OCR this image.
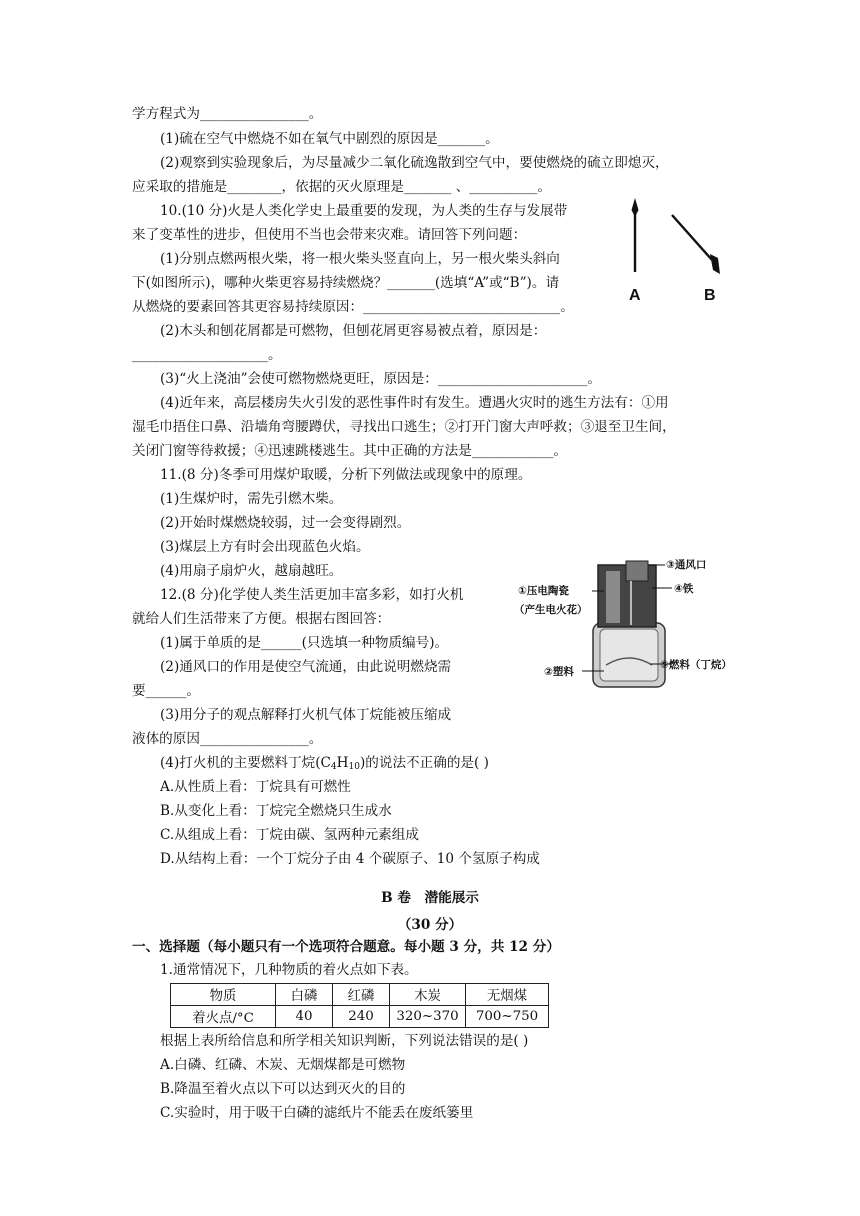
学方程式为________________。
(1)硫在空气中燃烧不如在氧气中剧烈的原因是_______。
(2)观察到实验现象后，为尽量减少二氧化硫逸散到空气中，要使燃烧的硫立即熄灭，
应采取的措施是________，依据的灭火原理是_______ 、__________。
10.(10 分)火是人类化学史上最重要的发现，为人类的生存与发展带
来了变革性的进步，但使用不当也会带来灾难。请回答下列问题：
(1)分别点燃两根火柴，将一根火柴头竖直向上，另一根火柴头斜向
下(如图所示)，哪种火柴更容易持续燃烧？_______(选填“A”或“B”)。请
从燃烧的要素回答其更容易持续原因：_____________________________。
(2)木头和刨花屑都是可燃物，但刨花屑更容易被点着，原因是：
____________________。
(3)“火上浇油”会使可燃物燃烧更旺，原因是：______________________。
(4)近年来，高层楼房失火引发的恶性事件时有发生。遭遇火灾时的逃生方法有：①用
湿毛巾捂住口鼻、沿墙角弯腰蹲伏，寻找出口逃生；②打开门窗大声呼救；③退至卫生间，
关闭门窗等待救援；④迅速跳楼逃生。其中正确的方法是____________。
11.(8 分)冬季可用煤炉取暖，分析下列做法或现象中的原理。
(1)生煤炉时，需先引燃木柴。
(2)开始时煤燃烧较弱，过一会变得剧烈。
(3)煤层上方有时会出现蓝色火焰。
(4)用扇子扇炉火，越扇越旺。
12.(8 分)化学使人类生活更加丰富多彩，如打火机
就给人们生活带来了方便。根据右图回答：
(1)属于单质的是______(只选填一种物质编号)。
(2)通风口的作用是使空气流通，由此说明燃烧需
要______。
(3)用分子的观点解释打火机气体丁烷能被压缩成
液体的原因________________。
(4)打火机的主要燃料丁烷$(C_4H_{10})$的说法不正确的是( )
A.从性质上看：丁烷具有可燃性
B.从变化上看：丁烷完全燃烧只生成水
C.从组成上看：丁烷由碳、氢两种元素组成
D.从结构上看：一个丁烷分子由 4 个碳原子、10 个氢原子构成
B 卷　潜能展示
（30 分）
一、选择题（每小题只有一个选项符合题意。每小题 3 分，共 12 分）
1.通常情况下，几种物质的着火点如下表。
物质	白磷	红磷	木炭	无烟煤
着火点/°C	40	240	320~370	700~750
根据上表所给信息和所学相关知识判断，下列说法错误的是( )
A.白磷、红磷、木炭、无烟煤都是可燃物
B.降温至着火点以下可以达到灭火的目的
C.实验时，用于吸干白磷的滤纸片不能丢在废纸篓里
A	B
①压电陶瓷
（产生电火花）
②塑料
③通风口
④铁
⑤燃料（丁烷）
